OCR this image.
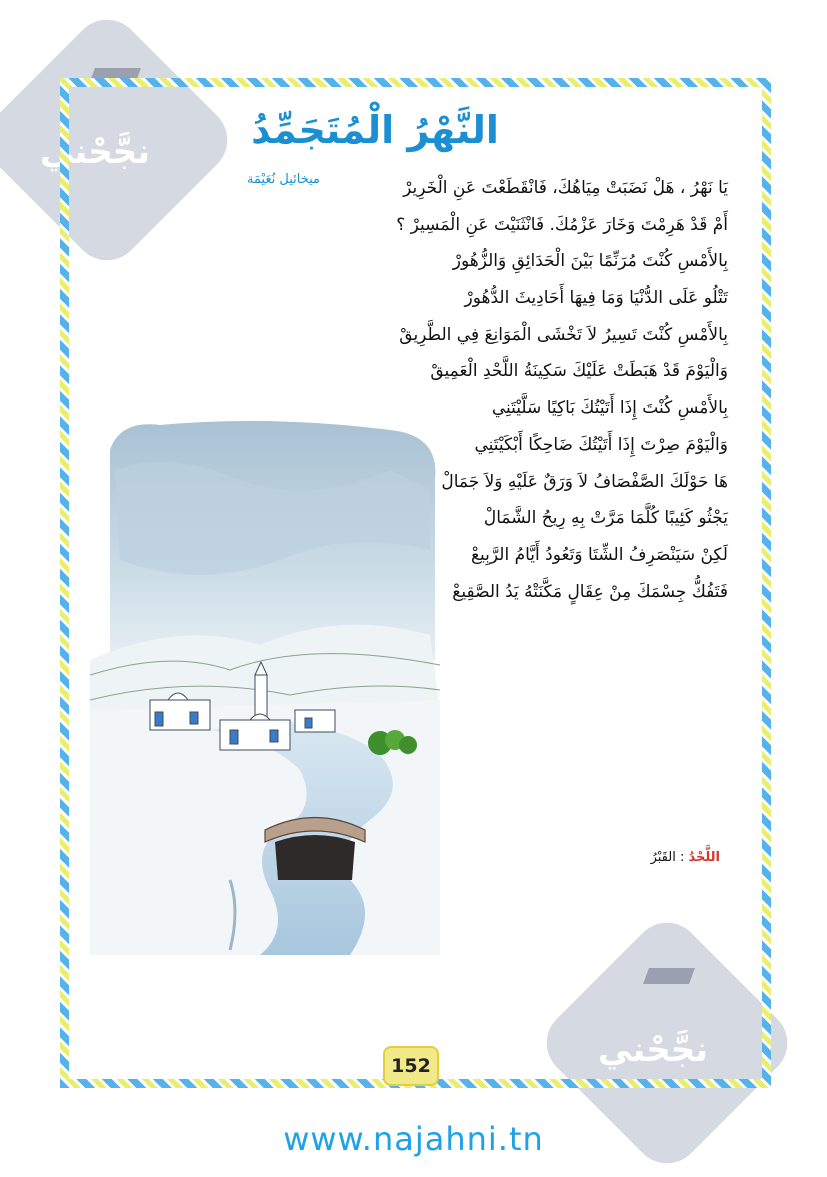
نجَّحْني
نجَّحْني
النَّهْرُ الْمُتَجَمِّدُ
ميخائيل نُعَيْمَة	يَا نَهْرُ ، هَلْ نَضَبَتْ مِيَاهُكَ، فَانْقَطَعْتَ عَنِ الْخَرِيرْ
أَمْ قَدْ هَرِمْتَ وَخَارَ عَزْمُكَ. فَانْثَنَيْتَ عَنِ الْمَسِيرْ ؟
بِالأَمْسِ كُنْتَ مُرَنِّمًا بَيْنَ الْحَدَائِقِ وَالزُّهُورْ
تَتْلُو عَلَى الدُّنْيَا وَمَا فِيهَا أَحَادِيثَ الدُّهُورْ
بِالأَمْسِ كُنْتَ تَسِيرُ لاَ تَخْشَى الْمَوَانِعَ فِي الطَّرِيقْ
وَالْيَوْمَ قَدْ هَبَطَتْ عَلَيْكَ سَكِينَةُ اللَّحْدِ الْعَمِيقْ
بِالأَمْسِ كُنْتَ إِذَا أَتَيْتُكَ بَاكِيًا سَلَّيْتَنِي
وَالْيَوْمَ صِرْتَ إِذَا أَتَيْتُكَ ضَاحِكًا أَبْكَيْتَنِي
هَا حَوْلَكَ الصَّفْصَافُ لاَ وَرَقٌ عَلَيْهِ وَلاَ جَمَالْ
يَجْثُو كَئِيبًا كُلَّمَا مَرَّتْ بِهِ رِيحُ الشَّمَالْ
لَكِنْ سَيَنْصَرِفُ الشِّتَا وَتَعُودُ أَيَّامُ الرَّبِيعْ
فَتَفُكُّ جِسْمَكَ مِنْ عِقَالٍ مَكَّنَتْهُ يَدُ الصَّقِيعْ
اللَّحْدُ : القَبْرُ
152
www.najahni.tn
